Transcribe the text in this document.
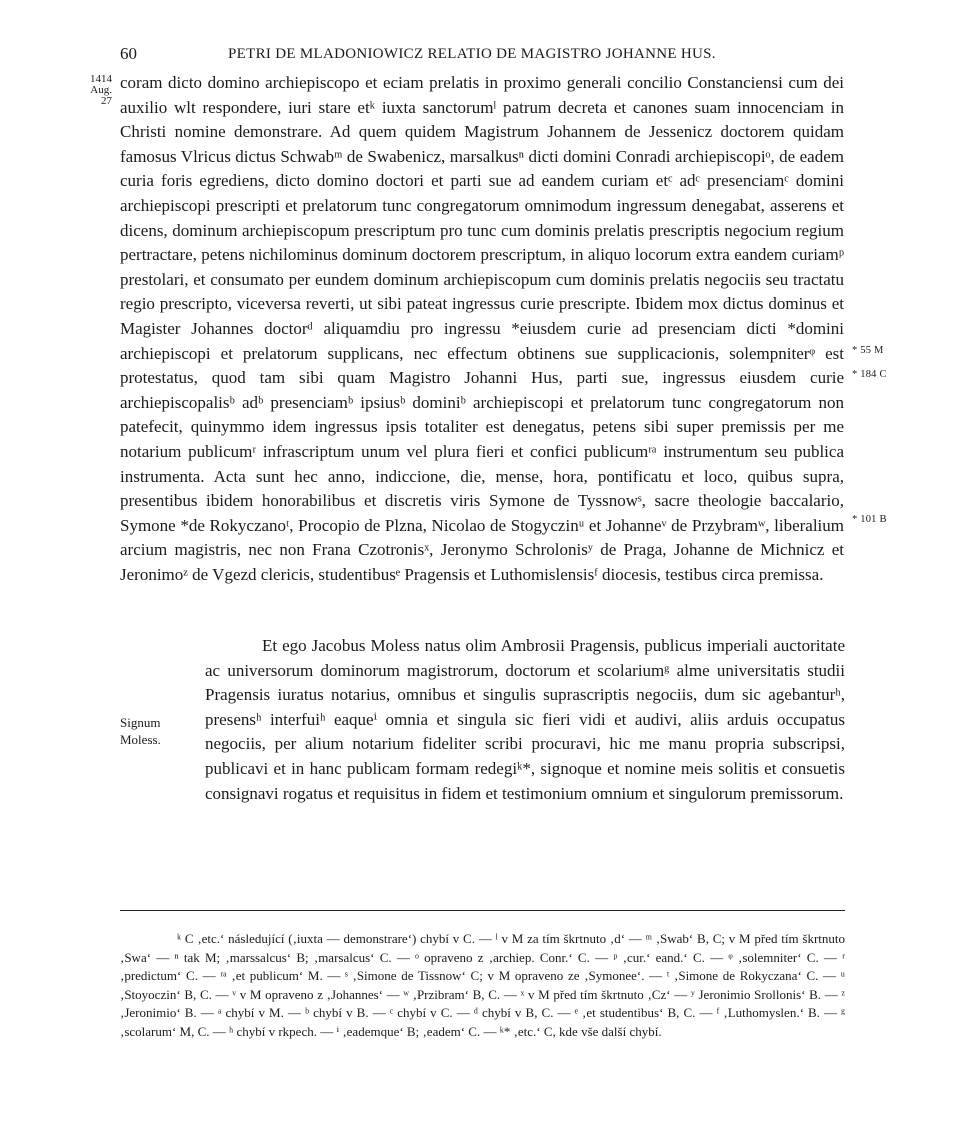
60	PETRI DE MLADONIOWICZ RELATIO DE MAGISTRO JOHANNE HUS.
1414
Aug. 27

coram dicto domino archiepiscopo et eciam prelatis in proximo generali concilio Constanciensi cum dei auxilio wlt respondere, iuri stare etᵏ iuxta sanctorumˡ patrum decreta et canones suam innocenciam in Christi nomine demonstrare. Ad quem quidem Magistrum Johannem de Jessenicz doctorem quidam famosus Vlricus dictus Schwabᵐ de Swabenicz, marsalkusⁿ dicti domini Conradi archiepiscopiᵒ, de eadem curia foris egrediens, dicto domino doctori et parti sue ad eandem curiam etᶜ adᶜ presenciamᶜ domini archiepiscopi prescripti et prelatorum tunc congregatorum omnimodum ingressum denegabat, asserens et dicens, dominum archiepiscopum prescriptum pro tunc cum dominis prelatis prescriptis negocium regium pertractare, petens nichilominus dominum doctorem prescriptum, in aliquo locorum extra eandem curiamᵖ prestolari, et consumato per eundem dominum archiepiscopum cum dominis prelatis negociis seu tractatu regio prescripto, viceversa reverti, ut sibi pateat ingressus curie prescripte. Ibidem mox dictus dominus et Magister Johannes doctorᵈ aliquamdiu pro ingressu *eiusdem curie ad presenciam dicti *domini archiepiscopi et prelatorum supplicans, nec effectum obtinens sue supplicacionis, solempniterᵠ est protestatus, quod tam sibi quam Magistro Johanni Hus, parti sue, ingressus eiusdem curie archiepiscopalisᵇ adᵇ presenciamᵇ ipsiusᵇ dominiᵇ archiepiscopi et prelatorum tunc congregatorum non patefecit, quinymmo idem ingressus ipsis totaliter est denegatus, petens sibi super premissis per me notarium publicumʳ infrascriptum unum vel plura fieri et confici publicumʳᵃ instrumentum seu publica instrumenta. Acta sunt hec anno, indiccione, die, mense, hora, pontificatu et loco, quibus supra, presentibus ibidem honorabilibus et discretis viris Symone de Tyssnowˢ, sacre theologie baccalario, Symone *de Rokyczanoᵗ, Procopio de Plzna, Nicolao de Stogyczinᵘ et Johanneᵛ de Przybramʷ, liberalium arcium magistris, nec non Frana Czotronisˣ, Jeronymo Schrolonisʸ de Praga, Johanne de Michnicz et Jeronimoᶻ de Vgezd clericis, studentibusᵉ Pragensis et Luthomislensisᶠ diocesis, testibus circa premissa.

* 55 M
* 184 C
* 101 B
Signum
Moless.

Et ego Jacobus Moless natus olim Ambrosii Pragensis, publicus imperiali auctoritate ac universorum dominorum magistrorum, doctorum et scolariumᵍ alme universitatis studii Pragensis iuratus notarius, omnibus et singulis suprascriptis negociis, dum sic agebanturʰ, presensʰ interfuiʰ eaqueⁱ omnia et singula sic fieri vidi et audivi, aliis arduis occupatus negociis, per alium notarium fideliter scribi procuravi, hic me manu propria subscripsi, publicavi et in hanc publicam formam redegiᵏ*, signoque et nomine meis solitis et consuetis consignavi rogatus et requisitus in fidem et testimonium omnium et singulorum premissorum.

ᵏ C ‚etc.‘ následující (‚iuxta — demonstrare‘) chybí v C. — ˡ v M za tím škrtnuto ‚d‘ — ᵐ ‚Swab‘ B, C; v M před tím škrtnuto ‚Swa‘ — ⁿ tak M; ‚marssalcus‘ B; ‚marsalcus‘ C. — ᵒ opraveno z ‚archiep. Conr.‘ C. — ᵖ ‚cur.‘ eand.‘ C. — ᵠ ‚solemniter‘ C. — ʳ ‚predictum‘ C. — ʳᵃ ‚et publicum‘ M. — ˢ ‚Simone de Tissnow‘ C; v M opraveno ze ‚Symonee‘. — ᵗ ‚Simone de Rokyczana‘ C. — ᵘ ‚Stoyoczin‘ B, C. — ᵛ v M opraveno z ‚Johannes‘ — ʷ ‚Przibram‘ B, C. — ˣ v M před tím škrtnuto ‚Cz‘ — ʸ Jeronimio Srollonis‘ B. — ᶻ ‚Jeronimio‘ B. — ᵃ chybí v M. — ᵇ chybí v B. — ᶜ chybí v C. — ᵈ chybí v B, C. — ᵉ ‚et studentibus‘ B, C. — ᶠ ‚Luthomyslen.‘ B. — ᵍ ‚scolarum‘ M, C. — ʰ chybí v rkpech. — ⁱ ‚eademque‘ B; ‚eadem‘ C. — ᵏ* ‚etc.‘ C, kde vše další chybí.
